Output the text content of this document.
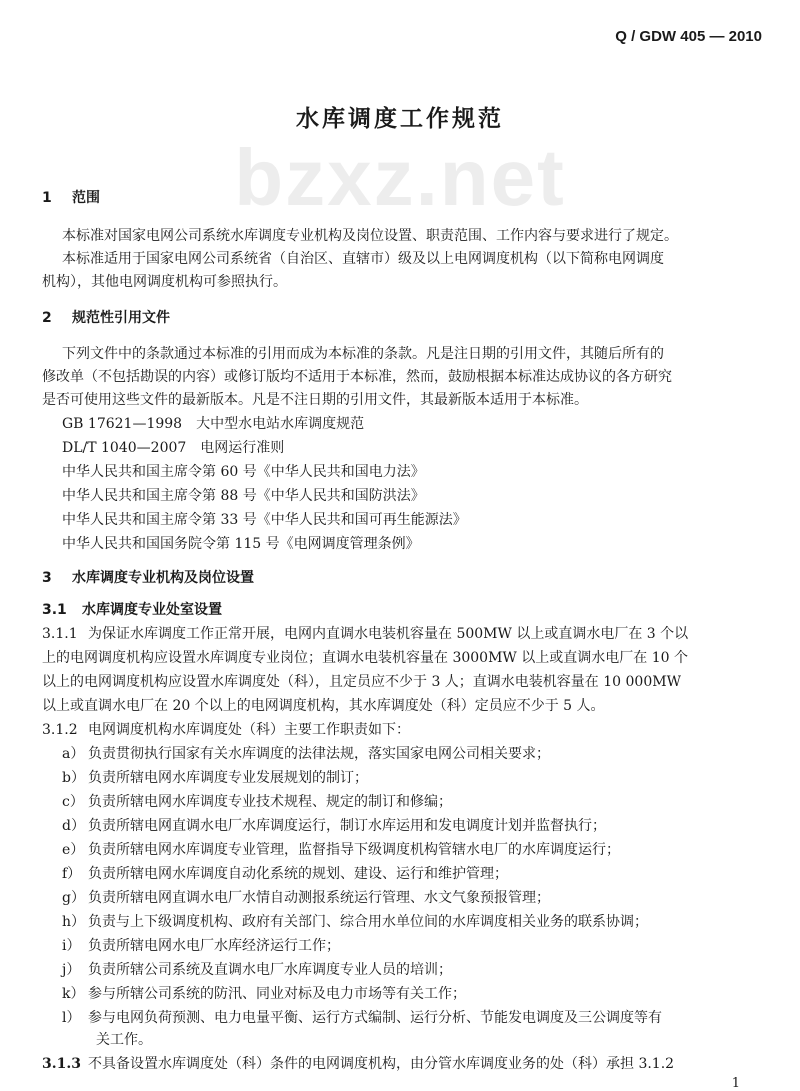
Q / GDW 405 — 2010
bzxz.net
水库调度工作规范
1 范围
本标准对国家电网公司系统水库调度专业机构及岗位设置、职责范围、工作内容与要求进行了规定。
本标准适用于国家电网公司系统省（自治区、直辖市）级及以上电网调度机构（以下简称电网调度
机构），其他电网调度机构可参照执行。
2 规范性引用文件
下列文件中的条款通过本标准的引用而成为本标准的条款。凡是注日期的引用文件，其随后所有的
修改单（不包括勘误的内容）或修订版均不适用于本标准，然而，鼓励根据本标准达成协议的各方研究
是否可使用这些文件的最新版本。凡是不注日期的引用文件，其最新版本适用于本标准。
GB 17621—1998　大中型水电站水库调度规范
DL/T 1040—2007　电网运行准则
中华人民共和国主席令第 60 号《中华人民共和国电力法》
中华人民共和国主席令第 88 号《中华人民共和国防洪法》
中华人民共和国主席令第 33 号《中华人民共和国可再生能源法》
中华人民共和国国务院令第 115 号《电网调度管理条例》
3 水库调度专业机构及岗位设置
3.1 水库调度专业处室设置
3.1.1 为保证水库调度工作正常开展，电网内直调水电装机容量在 500MW 以上或直调水电厂在 3 个以
上的电网调度机构应设置水库调度专业岗位；直调水电装机容量在 3000MW 以上或直调水电厂在 10 个
以上的电网调度机构应设置水库调度处（科），且定员应不少于 3 人；直调水电装机容量在 10 000MW
以上或直调水电厂在 20 个以上的电网调度机构，其水库调度处（科）定员应不少于 5 人。
3.1.2 电网调度机构水库调度处（科）主要工作职责如下：
a） 负责贯彻执行国家有关水库调度的法律法规，落实国家电网公司相关要求；
b） 负责所辖电网水库调度专业发展规划的制订；
c） 负责所辖电网水库调度专业技术规程、规定的制订和修编；
d） 负责所辖电网直调水电厂水库调度运行，制订水库运用和发电调度计划并监督执行；
e） 负责所辖电网水库调度专业管理，监督指导下级调度机构管辖水电厂的水库调度运行；
f） 负责所辖电网水库调度自动化系统的规划、建设、运行和维护管理；
g） 负责所辖电网直调水电厂水情自动测报系统运行管理、水文气象预报管理；
h） 负责与上下级调度机构、政府有关部门、综合用水单位间的水库调度相关业务的联系协调；
i） 负责所辖电网水电厂水库经济运行工作；
j） 负责所辖公司系统及直调水电厂水库调度专业人员的培训；
k） 参与所辖公司系统的防汛、同业对标及电力市场等有关工作；
l） 参与电网负荷预测、电力电量平衡、运行方式编制、运行分析、节能发电调度及三公调度等有
关工作。
3.1.3 不具备设置水库调度处（科）条件的电网调度机构，由分管水库调度业务的处（科）承担 3.1.2
1
